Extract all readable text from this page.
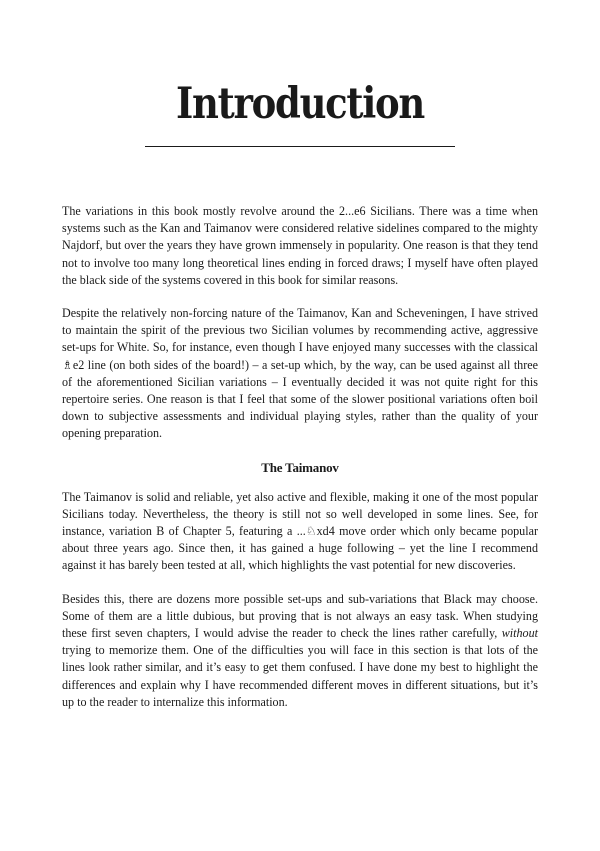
Introduction

The variations in this book mostly revolve around the 2...e6 Sicilians. There was a time when systems such as the Kan and Taimanov were considered relative sidelines compared to the mighty Najdorf, but over the years they have grown immensely in popularity. One reason is that they tend not to involve too many long theoretical lines ending in forced draws; I myself have often played the black side of the systems covered in this book for similar reasons.

Despite the relatively non-forcing nature of the Taimanov, Kan and Scheveningen, I have strived to maintain the spirit of the previous two Sicilian volumes by recommending active, aggressive set-ups for White. So, for instance, even though I have enjoyed many successes with the classical ♗e2 line (on both sides of the board!) – a set-up which, by the way, can be used against all three of the aforementioned Sicilian variations – I eventually decided it was not quite right for this repertoire series. One reason is that I feel that some of the slower positional variations often boil down to subjective assessments and individual playing styles, rather than the quality of your opening preparation.

The Taimanov

The Taimanov is solid and reliable, yet also active and flexible, making it one of the most popular Sicilians today. Nevertheless, the theory is still not so well developed in some lines. See, for instance, variation B of Chapter 5, featuring a ...♘xd4 move order which only became popular about three years ago. Since then, it has gained a huge following – yet the line I recommend against it has barely been tested at all, which highlights the vast potential for new discoveries.

Besides this, there are dozens more possible set-ups and sub-variations that Black may choose. Some of them are a little dubious, but proving that is not always an easy task. When studying these first seven chapters, I would advise the reader to check the lines rather carefully, without trying to memorize them. One of the difficulties you will face in this section is that lots of the lines look rather similar, and it’s easy to get them confused. I have done my best to highlight the differences and explain why I have recommended different moves in different situations, but it’s up to the reader to internalize this information.
